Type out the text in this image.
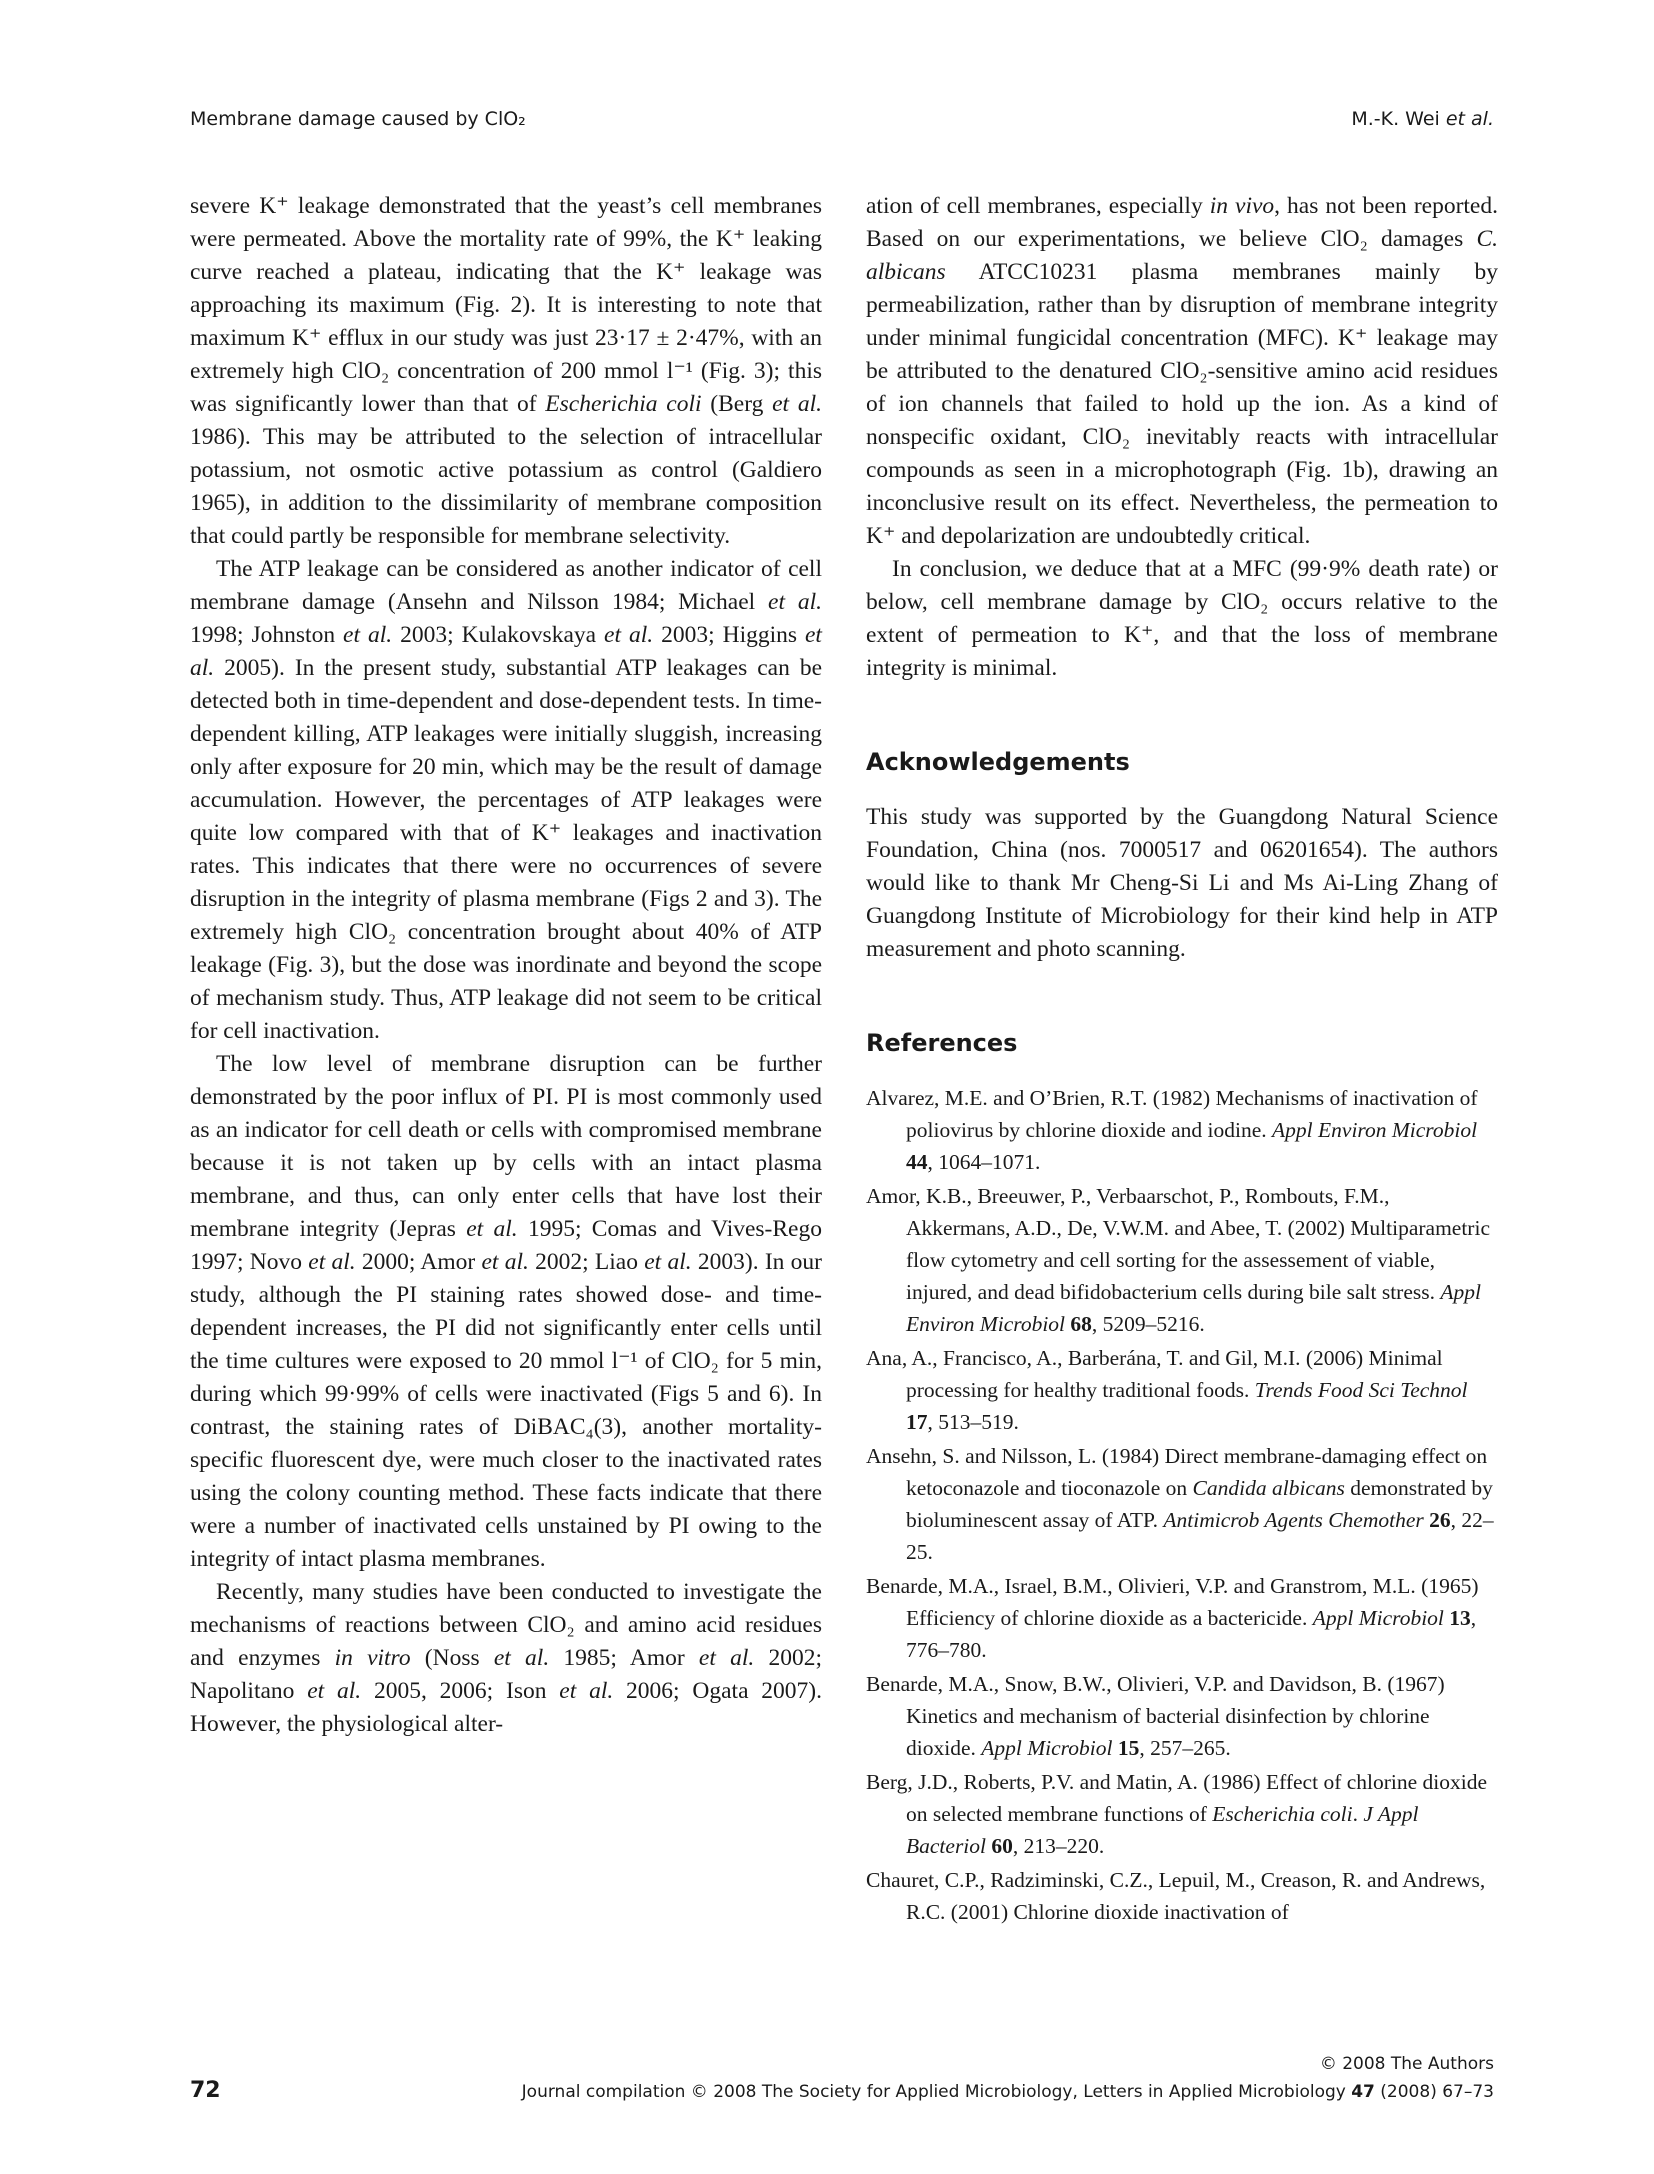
Membrane damage caused by ClO₂	M.-K. Wei et al.

severe K⁺ leakage demonstrated that the yeast’s cell membranes were permeated. Above the mortality rate of 99%, the K⁺ leaking curve reached a plateau, indicating that the K⁺ leakage was approaching its maximum (Fig. 2). It is interesting to note that maximum K⁺ efflux in our study was just 23·17 ± 2·47%, with an extremely high ClO₂ concentration of 200 mmol l⁻¹ (Fig. 3); this was significantly lower than that of Escherichia coli (Berg et al. 1986). This may be attributed to the selection of intracellular potassium, not osmotic active potassium as control (Galdiero 1965), in addition to the dissimilarity of membrane composition that could partly be responsible for membrane selectivity.

The ATP leakage can be considered as another indicator of cell membrane damage (Ansehn and Nilsson 1984; Michael et al. 1998; Johnston et al. 2003; Kulakovskaya et al. 2003; Higgins et al. 2005). In the present study, substantial ATP leakages can be detected both in time-dependent and dose-dependent tests. In time-dependent killing, ATP leakages were initially sluggish, increasing only after exposure for 20 min, which may be the result of damage accumulation. However, the percentages of ATP leakages were quite low compared with that of K⁺ leakages and inactivation rates. This indicates that there were no occurrences of severe disruption in the integrity of plasma membrane (Figs 2 and 3). The extremely high ClO₂ concentration brought about 40% of ATP leakage (Fig. 3), but the dose was inordinate and beyond the scope of mechanism study. Thus, ATP leakage did not seem to be critical for cell inactivation.

The low level of membrane disruption can be further demonstrated by the poor influx of PI. PI is most commonly used as an indicator for cell death or cells with compromised membrane because it is not taken up by cells with an intact plasma membrane, and thus, can only enter cells that have lost their membrane integrity (Jepras et al. 1995; Comas and Vives-Rego 1997; Novo et al. 2000; Amor et al. 2002; Liao et al. 2003). In our study, although the PI staining rates showed dose- and time-dependent increases, the PI did not significantly enter cells until the time cultures were exposed to 20 mmol l⁻¹ of ClO₂ for 5 min, during which 99·99% of cells were inactivated (Figs 5 and 6). In contrast, the staining rates of DiBAC₄(3), another mortality-specific fluorescent dye, were much closer to the inactivated rates using the colony counting method. These facts indicate that there were a number of inactivated cells unstained by PI owing to the integrity of intact plasma membranes.

Recently, many studies have been conducted to investigate the mechanisms of reactions between ClO₂ and amino acid residues and enzymes in vitro (Noss et al. 1985; Amor et al. 2002; Napolitano et al. 2005, 2006; Ison et al. 2006; Ogata 2007). However, the physiological alter-

ation of cell membranes, especially in vivo, has not been reported. Based on our experimentations, we believe ClO₂ damages C. albicans ATCC10231 plasma membranes mainly by permeabilization, rather than by disruption of membrane integrity under minimal fungicidal concentration (MFC). K⁺ leakage may be attributed to the denatured ClO₂-sensitive amino acid residues of ion channels that failed to hold up the ion. As a kind of nonspecific oxidant, ClO₂ inevitably reacts with intracellular compounds as seen in a microphotograph (Fig. 1b), drawing an inconclusive result on its effect. Nevertheless, the permeation to K⁺ and depolarization are undoubtedly critical.

In conclusion, we deduce that at a MFC (99·9% death rate) or below, cell membrane damage by ClO₂ occurs relative to the extent of permeation to K⁺, and that the loss of membrane integrity is minimal.

Acknowledgements

This study was supported by the Guangdong Natural Science Foundation, China (nos. 7000517 and 06201654). The authors would like to thank Mr Cheng-Si Li and Ms Ai-Ling Zhang of Guangdong Institute of Microbiology for their kind help in ATP measurement and photo scanning.

References
Alvarez, M.E. and O’Brien, R.T. (1982) Mechanisms of inactivation of poliovirus by chlorine dioxide and iodine. Appl Environ Microbiol 44, 1064–1071.
Amor, K.B., Breeuwer, P., Verbaarschot, P., Rombouts, F.M., Akkermans, A.D., De, V.W.M. and Abee, T. (2002) Multiparametric flow cytometry and cell sorting for the assessement of viable, injured, and dead bifidobacterium cells during bile salt stress. Appl Environ Microbiol 68, 5209–5216.
Ana, A., Francisco, A., Barberána, T. and Gil, M.I. (2006) Minimal processing for healthy traditional foods. Trends Food Sci Technol 17, 513–519.
Ansehn, S. and Nilsson, L. (1984) Direct membrane-damaging effect on ketoconazole and tioconazole on Candida albicans demonstrated by bioluminescent assay of ATP. Antimicrob Agents Chemother 26, 22–25.
Benarde, M.A., Israel, B.M., Olivieri, V.P. and Granstrom, M.L. (1965) Efficiency of chlorine dioxide as a bactericide. Appl Microbiol 13, 776–780.
Benarde, M.A., Snow, B.W., Olivieri, V.P. and Davidson, B. (1967) Kinetics and mechanism of bacterial disinfection by chlorine dioxide. Appl Microbiol 15, 257–265.
Berg, J.D., Roberts, P.V. and Matin, A. (1986) Effect of chlorine dioxide on selected membrane functions of Escherichia coli. J Appl Bacteriol 60, 213–220.
Chauret, C.P., Radziminski, C.Z., Lepuil, M., Creason, R. and Andrews, R.C. (2001) Chlorine dioxide inactivation of
© 2008 The Authors
72	Journal compilation © 2008 The Society for Applied Microbiology, Letters in Applied Microbiology 47 (2008) 67–73
